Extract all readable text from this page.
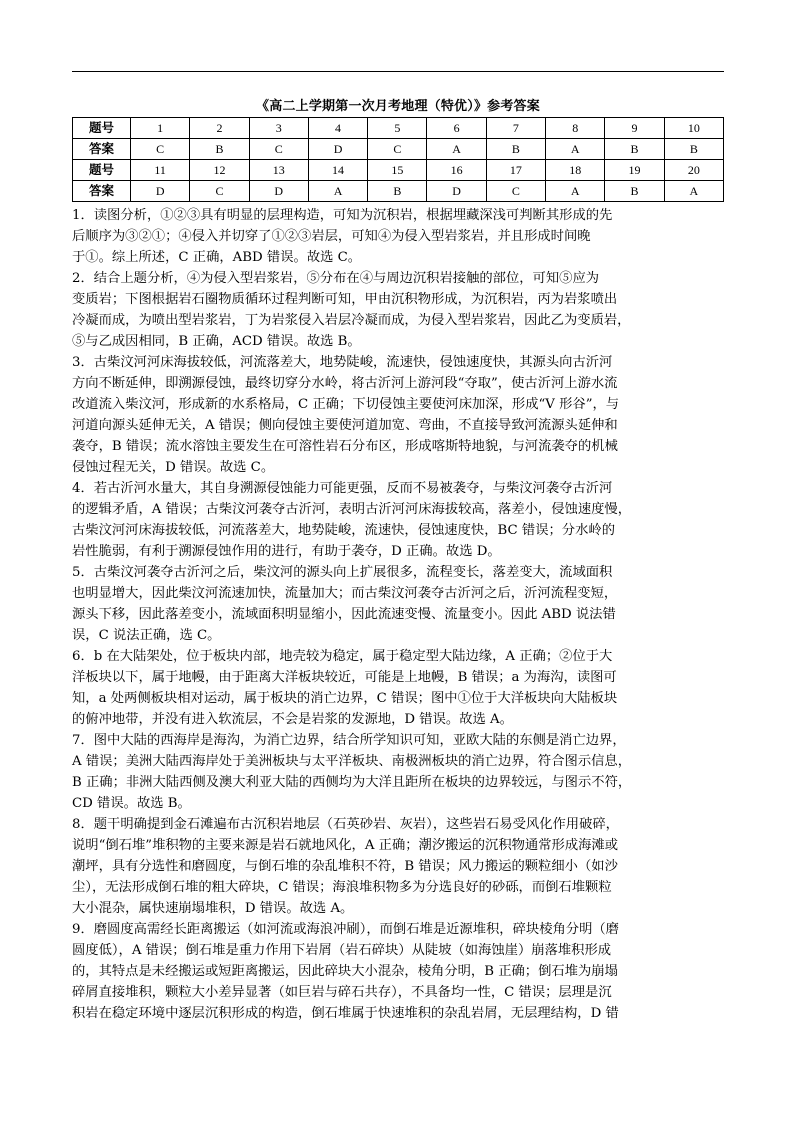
《高二上学期第一次月考地理（特优）》参考答案
题号	1	2	3	4	5	6	7	8	9	10
答案	C	B	C	D	C	A	B	A	B	B
题号	11	12	13	14	15	16	17	18	19	20
答案	D	C	D	A	B	D	C	A	B	A
1．读图分析，①②③具有明显的层理构造，可知为沉积岩，根据埋藏深浅可判断其形成的先
后顺序为③②①；④侵入并切穿了①②③岩层，可知④为侵入型岩浆岩，并且形成时间晚
于①。综上所述，C 正确，ABD 错误。故选 C。
2．结合上题分析，④为侵入型岩浆岩，⑤分布在④与周边沉积岩接触的部位，可知⑤应为
变质岩；下图根据岩石圈物质循环过程判断可知，甲由沉积物形成，为沉积岩，丙为岩浆喷出
冷凝而成，为喷出型岩浆岩，丁为岩浆侵入岩层冷凝而成，为侵入型岩浆岩，因此乙为变质岩，
⑤与乙成因相同，B 正确，ACD 错误。故选 B。
3．古柴汶河河床海拔较低，河流落差大，地势陡峻，流速快，侵蚀速度快，其源头向古沂河
方向不断延伸，即溯源侵蚀，最终切穿分水岭，将古沂河上游河段“夺取”，使古沂河上游水流
改道流入柴汶河，形成新的水系格局，C 正确；下切侵蚀主要使河床加深，形成“V 形谷”，与
河道向源头延伸无关，A 错误；侧向侵蚀主要使河道加宽、弯曲，不直接导致河流源头延伸和
袭夺，B 错误；流水溶蚀主要发生在可溶性岩石分布区，形成喀斯特地貌，与河流袭夺的机械
侵蚀过程无关，D 错误。故选 C。
4．若古沂河水量大，其自身溯源侵蚀能力可能更强，反而不易被袭夺，与柴汶河袭夺古沂河
的逻辑矛盾，A 错误；古柴汶河袭夺古沂河，表明古沂河河床海拔较高，落差小，侵蚀速度慢，
古柴汶河河床海拔较低，河流落差大，地势陡峻，流速快，侵蚀速度快，BC 错误；分水岭的
岩性脆弱，有利于溯源侵蚀作用的进行，有助于袭夺，D 正确。故选 D。
5．古柴汶河袭夺古沂河之后，柴汶河的源头向上扩展很多，流程变长，落差变大，流域面积
也明显增大，因此柴汶河流速加快，流量加大；而古柴汶河袭夺古沂河之后，沂河流程变短，
源头下移，因此落差变小，流域面积明显缩小，因此流速变慢、流量变小。因此 ABD 说法错
误，C 说法正确，选 C。
6．b 在大陆架处，位于板块内部，地壳较为稳定，属于稳定型大陆边缘，A 正确；②位于大
洋板块以下，属于地幔，由于距离大洋板块较近，可能是上地幔，B 错误；a 为海沟，读图可
知，a 处两侧板块相对运动，属于板块的消亡边界，C 错误；图中①位于大洋板块向大陆板块
的俯冲地带，并没有进入软流层，不会是岩浆的发源地，D 错误。故选 A。
7．图中大陆的西海岸是海沟，为消亡边界，结合所学知识可知，亚欧大陆的东侧是消亡边界，
A 错误；美洲大陆西海岸处于美洲板块与太平洋板块、南极洲板块的消亡边界，符合图示信息，
B 正确；非洲大陆西侧及澳大利亚大陆的西侧均为大洋且距所在板块的边界较远，与图示不符，
CD 错误。故选 B。
8．题干明确提到金石滩遍布古沉积岩地层（石英砂岩、灰岩），这些岩石易受风化作用破碎，
说明“倒石堆”堆积物的主要来源是岩石就地风化，A 正确；潮汐搬运的沉积物通常形成海滩或
潮坪，具有分选性和磨圆度，与倒石堆的杂乱堆积不符，B 错误；风力搬运的颗粒细小（如沙
尘），无法形成倒石堆的粗大碎块，C 错误；海浪堆积物多为分选良好的砂砾，而倒石堆颗粒
大小混杂，属快速崩塌堆积，D 错误。故选 A。
9．磨圆度高需经长距离搬运（如河流或海浪冲刷），而倒石堆是近源堆积，碎块棱角分明（磨
圆度低），A 错误；倒石堆是重力作用下岩屑（岩石碎块）从陡坡（如海蚀崖）崩落堆积形成
的，其特点是未经搬运或短距离搬运，因此碎块大小混杂，棱角分明，B 正确；倒石堆为崩塌
碎屑直接堆积，颗粒大小差异显著（如巨岩与碎石共存），不具备均一性，C 错误；层理是沉
积岩在稳定环境中逐层沉积形成的构造，倒石堆属于快速堆积的杂乱岩屑，无层理结构，D 错
